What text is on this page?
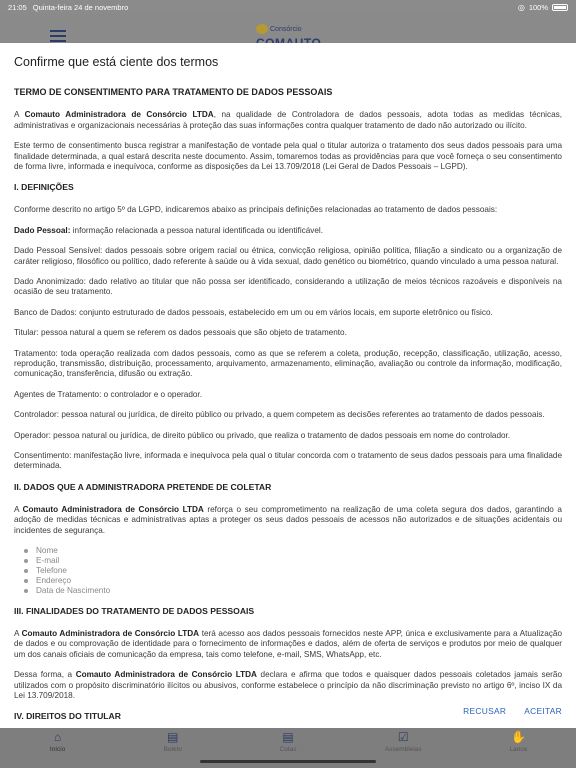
21:05 Quinta-feira 24 de novembro	◎ 100%
Consórcio
Confirme que está ciente dos termos
TERMO DE CONSENTIMENTO PARA TRATAMENTO DE DADOS PESSOAIS

A Comauto Administradora de Consórcio LTDA, na qualidade de Controladora de dados pessoais, adota todas as medidas técnicas, administrativas e organizacionais necessárias à proteção das suas informações contra qualquer tratamento de dado não autorizado ou ilícito.

Este termo de consentimento busca registrar a manifestação de vontade pela qual o titular autoriza o tratamento dos seus dados pessoais para uma finalidade determinada, a qual estará descrita neste documento. Assim, tomaremos todas as providências para que você forneça o seu consentimento de forma livre, informada e inequívoca, conforme as disposições da Lei 13.709/2018 (Lei Geral de Dados Pessoais – LGPD).

I. DEFINIÇÕES

Conforme descrito no artigo 5º da LGPD, indicaremos abaixo as principais definições relacionadas ao tratamento de dados pessoais:

Dado Pessoal: informação relacionada a pessoa natural identificada ou identificável.

Dado Pessoal Sensível: dados pessoais sobre origem racial ou étnica, convicção religiosa, opinião política, filiação a sindicato ou a organização de caráter religioso, filosófico ou político, dado referente à saúde ou à vida sexual, dado genético ou biométrico, quando vinculado a uma pessoa natural.

Dado Anonimizado: dado relativo ao titular que não possa ser identificado, considerando a utilização de meios técnicos razoáveis e disponíveis na ocasião de seu tratamento.

Banco de Dados: conjunto estruturado de dados pessoais, estabelecido em um ou em vários locais, em suporte eletrônico ou físico.

Titular: pessoa natural a quem se referem os dados pessoais que são objeto de tratamento.

Tratamento: toda operação realizada com dados pessoais, como as que se referem a coleta, produção, recepção, classificação, utilização, acesso, reprodução, transmissão, distribuição, processamento, arquivamento, armazenamento, eliminação, avaliação ou controle da informação, modificação, comunicação, transferência, difusão ou extração.

Agentes de Tratamento: o controlador e o operador.

Controlador: pessoa natural ou jurídica, de direito público ou privado, a quem competem as decisões referentes ao tratamento de dados pessoais.

Operador: pessoa natural ou jurídica, de direito público ou privado, que realiza o tratamento de dados pessoais em nome do controlador.

Consentimento: manifestação livre, informada e inequívoca pela qual o titular concorda com o tratamento de seus dados pessoais para uma finalidade determinada.

II. DADOS QUE A ADMINISTRADORA PRETENDE DE COLETAR

A Comauto Administradora de Consórcio LTDA reforça o seu comprometimento na realização de uma coleta segura dos dados, garantindo a adoção de medidas técnicas e administrativas aptas a proteger os seus dados pessoais de acessos não autorizados e de situações acidentais ou incidentes de segurança.

Nome
E-mail
Telefone
Endereço
Data de Nascimento
III. FINALIDADES DO TRATAMENTO DE DADOS PESSOAIS

A Comauto Administradora de Consórcio LTDA terá acesso aos dados pessoais fornecidos neste APP, única e exclusivamente para a Atualização de dados e ou comprovação de identidade para o fornecimento de informações e dados, além de oferta de serviços e produtos por meio de qualquer um dos canais oficiais de comunicação da empresa, tais como telefone, e-mail, SMS, WhatsApp, etc.

Dessa forma, a Comauto Administradora de Consórcio LTDA declara e afirma que todos e quaisquer dados pessoais coletados jamais serão utilizados com o propósito discriminatório ilícitos ou abusivos, conforme estabelece o princípio da não discriminação previsto no artigo 6º, inciso IX da Lei 13.709/2018.

IV. DIREITOS DO TITULAR
RECUSAR ACEITAR
⌂
Início
▤
Boleto
▤
Cotas
☑
Assembleias
✋
Lance
